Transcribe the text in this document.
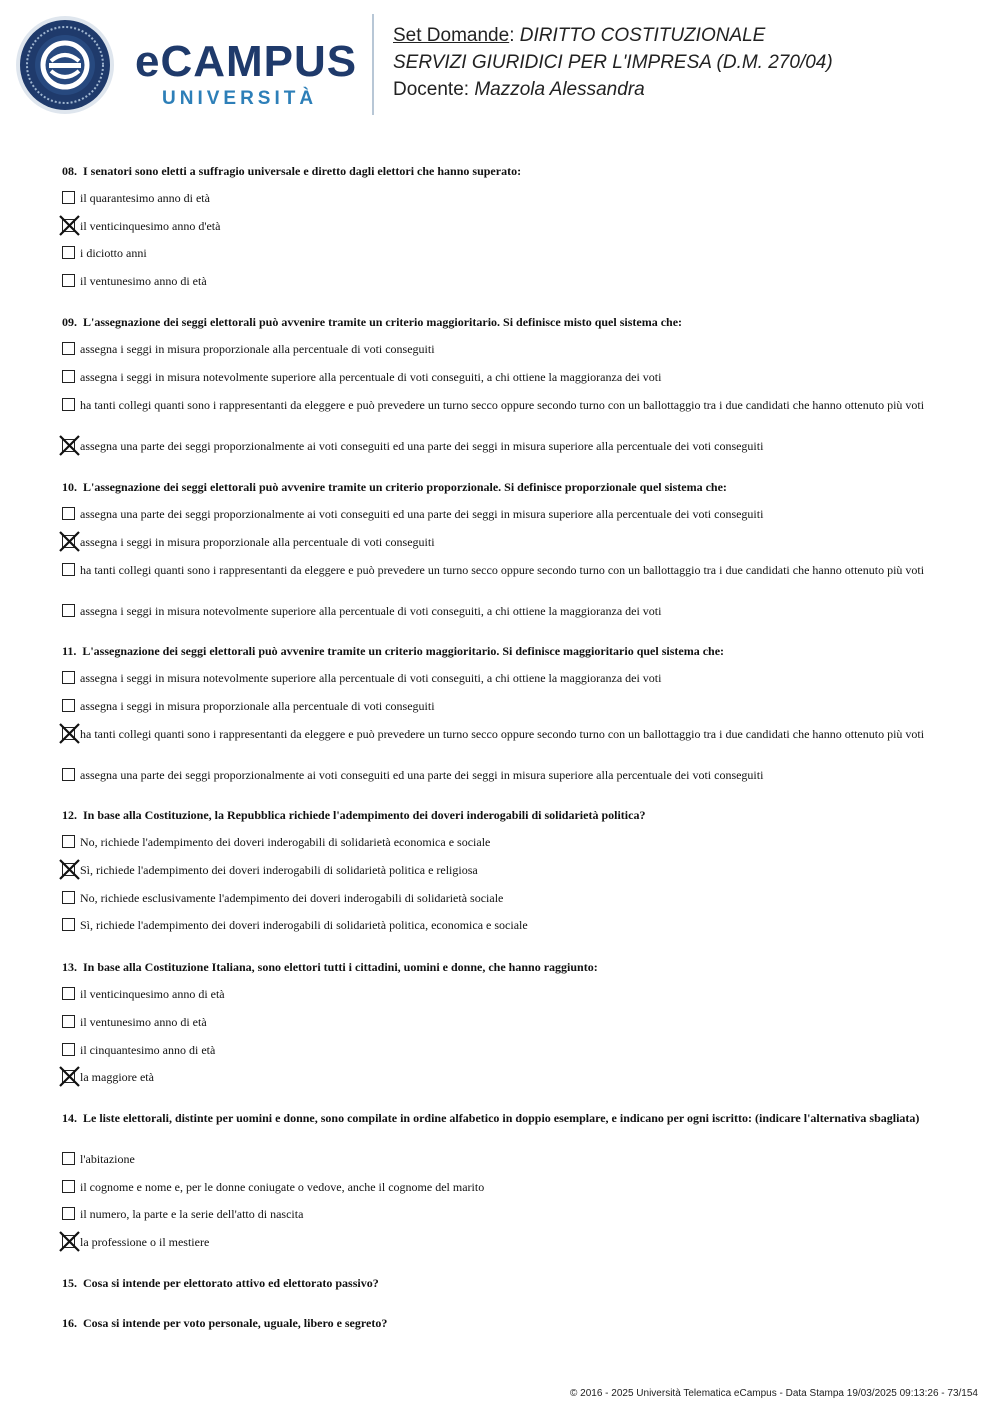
eCAMPUS
UNIVERSITÀ
Set Domande: DIRITTO COSTITUZIONALE
SERVIZI GIURIDICI PER L'IMPRESA (D.M. 270/04)
Docente: Mazzola Alessandra
08. I senatori sono eletti a suffragio universale e diretto dagli elettori che hanno superato:
il quarantesimo anno di età
il venticinquesimo anno d'età
i diciotto anni
il ventunesimo anno di età
09. L'assegnazione dei seggi elettorali può avvenire tramite un criterio maggioritario. Si definisce misto quel sistema che:
assegna i seggi in misura proporzionale alla percentuale di voti conseguiti
assegna i seggi in misura notevolmente superiore alla percentuale di voti conseguiti, a chi ottiene la maggioranza dei voti
ha tanti collegi quanti sono i rappresentanti da eleggere e può prevedere un turno secco oppure secondo turno con un ballottaggio tra i due candidati che hanno ottenuto più voti
assegna una parte dei seggi proporzionalmente ai voti conseguiti ed una parte dei seggi in misura superiore alla percentuale dei voti conseguiti
10. L'assegnazione dei seggi elettorali può avvenire tramite un criterio proporzionale. Si definisce proporzionale quel sistema che:
assegna una parte dei seggi proporzionalmente ai voti conseguiti ed una parte dei seggi in misura superiore alla percentuale dei voti conseguiti
assegna i seggi in misura proporzionale alla percentuale di voti conseguiti
ha tanti collegi quanti sono i rappresentanti da eleggere e può prevedere un turno secco oppure secondo turno con un ballottaggio tra i due candidati che hanno ottenuto più voti
assegna i seggi in misura notevolmente superiore alla percentuale di voti conseguiti, a chi ottiene la maggioranza dei voti
11. L'assegnazione dei seggi elettorali può avvenire tramite un criterio maggioritario. Si definisce maggioritario quel sistema che:
assegna i seggi in misura notevolmente superiore alla percentuale di voti conseguiti, a chi ottiene la maggioranza dei voti
assegna i seggi in misura proporzionale alla percentuale di voti conseguiti
ha tanti collegi quanti sono i rappresentanti da eleggere e può prevedere un turno secco oppure secondo turno con un ballottaggio tra i due candidati che hanno ottenuto più voti
assegna una parte dei seggi proporzionalmente ai voti conseguiti ed una parte dei seggi in misura superiore alla percentuale dei voti conseguiti
12. In base alla Costituzione, la Repubblica richiede l'adempimento dei doveri inderogabili di solidarietà politica?
No, richiede l'adempimento dei doveri inderogabili di solidarietà economica e sociale
Sì, richiede l'adempimento dei doveri inderogabili di solidarietà politica e religiosa
No, richiede esclusivamente l'adempimento dei doveri inderogabili di solidarietà sociale
Sì, richiede l'adempimento dei doveri inderogabili di solidarietà politica, economica e sociale
13. In base alla Costituzione Italiana, sono elettori tutti i cittadini, uomini e donne, che hanno raggiunto:
il venticinquesimo anno di età
il ventunesimo anno di età
il cinquantesimo anno di età
la maggiore età
14. Le liste elettorali, distinte per uomini e donne, sono compilate in ordine alfabetico in doppio esemplare, e indicano per ogni iscritto: (indicare l'alternativa sbagliata)
l'abitazione
il cognome e nome e, per le donne coniugate o vedove, anche il cognome del marito
il numero, la parte e la serie dell'atto di nascita
la professione o il mestiere
15. Cosa si intende per elettorato attivo ed elettorato passivo?
16. Cosa si intende per voto personale, uguale, libero e segreto?
© 2016 - 2025 Università Telematica eCampus - Data Stampa 19/03/2025 09:13:26 - 73/154
